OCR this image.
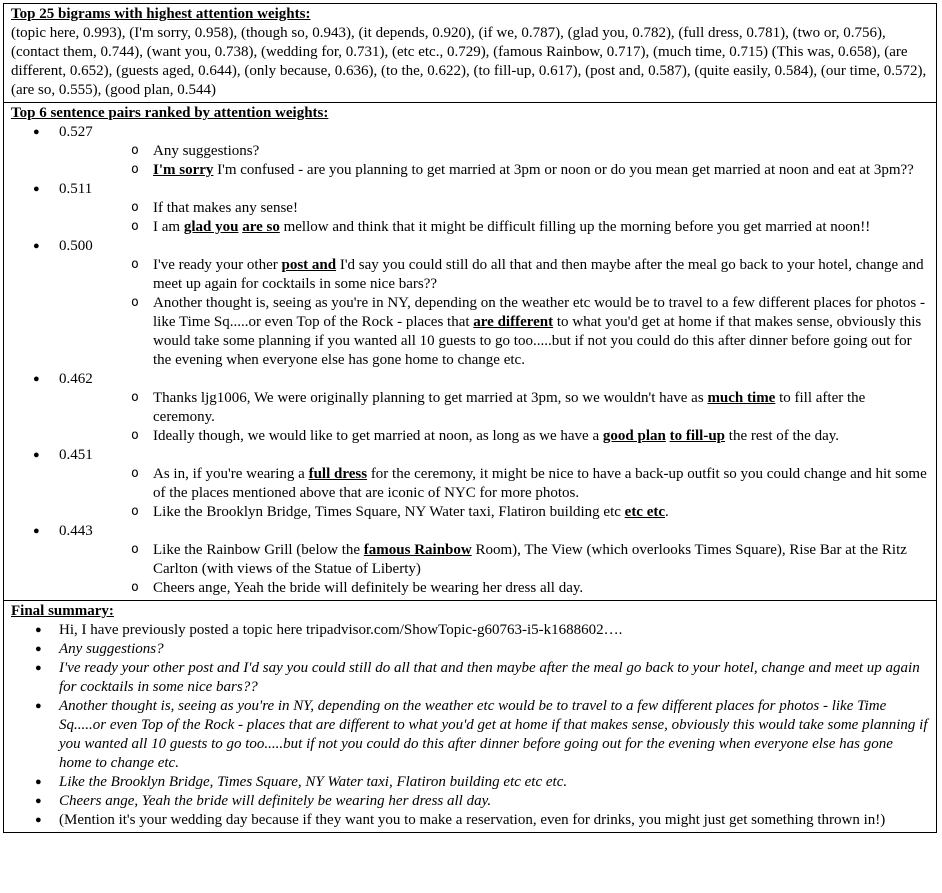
Top 25 bigrams with highest attention weights:
(topic here, 0.993), (I'm sorry, 0.958), (though so, 0.943), (it depends, 0.920), (if we, 0.787), (glad you, 0.782), (full dress, 0.781), (two or, 0.756), (contact them, 0.744), (want you, 0.738), (wedding for, 0.731), (etc etc., 0.729), (famous Rainbow, 0.717), (much time, 0.715) (This was, 0.658), (are different, 0.652), (guests aged, 0.644), (only because, 0.636), (to the, 0.622), (to fill-up, 0.617), (post and, 0.587), (quite easily, 0.584), (our time, 0.572), (are so, 0.555), (good plan, 0.544)
Top 6 sentence pairs ranked by attention weights:
● 0.527
o Any suggestions?
o I'm sorry I'm confused - are you planning to get married at 3pm or noon or do you mean get married at noon and eat at 3pm??
● 0.511
o If that makes any sense!
o I am glad you are so mellow and think that it might be difficult filling up the morning before you get married at noon!!
● 0.500
o I've ready your other post and I'd say you could still do all that and then maybe after the meal go back to your hotel, change and meet up again for cocktails in some nice bars??
o Another thought is, seeing as you're in NY, depending on the weather etc would be to travel to a few different places for photos - like Time Sq.....or even Top of the Rock - places that are different to what you'd get at home if that makes sense, obviously this would take some planning if you wanted all 10 guests to go too.....but if not you could do this after dinner before going out for the evening when everyone else has gone home to change etc.
● 0.462
o Thanks ljg1006, We were originally planning to get married at 3pm, so we wouldn't have as much time to fill after the ceremony.
o Ideally though, we would like to get married at noon, as long as we have a good plan to fill-up the rest of the day.
● 0.451
o As in, if you're wearing a full dress for the ceremony, it might be nice to have a back-up outfit so you could change and hit some of the places mentioned above that are iconic of NYC for more photos.
o Like the Brooklyn Bridge, Times Square, NY Water taxi, Flatiron building etc etc etc.
● 0.443
o Like the Rainbow Grill (below the famous Rainbow Room), The View (which overlooks Times Square), Rise Bar at the Ritz Carlton (with views of the Statue of Liberty)
o Cheers ange, Yeah the bride will definitely be wearing her dress all day.
Final summary:
● Hi, I have previously posted a topic here tripadvisor.com/ShowTopic-g60763-i5-k1688602….
● Any suggestions?
● I've ready your other post and I'd say you could still do all that and then maybe after the meal go back to your hotel, change and meet up again for cocktails in some nice bars??
● Another thought is, seeing as you're in NY, depending on the weather etc would be to travel to a few different places for photos - like Time Sq.....or even Top of the Rock - places that are different to what you'd get at home if that makes sense, obviously this would take some planning if you wanted all 10 guests to go too.....but if not you could do this after dinner before going out for the evening when everyone else has gone home to change etc.
● Like the Brooklyn Bridge, Times Square, NY Water taxi, Flatiron building etc etc etc.
● Cheers ange, Yeah the bride will definitely be wearing her dress all day.
● (Mention it's your wedding day because if they want you to make a reservation, even for drinks, you might just get something thrown in!)
